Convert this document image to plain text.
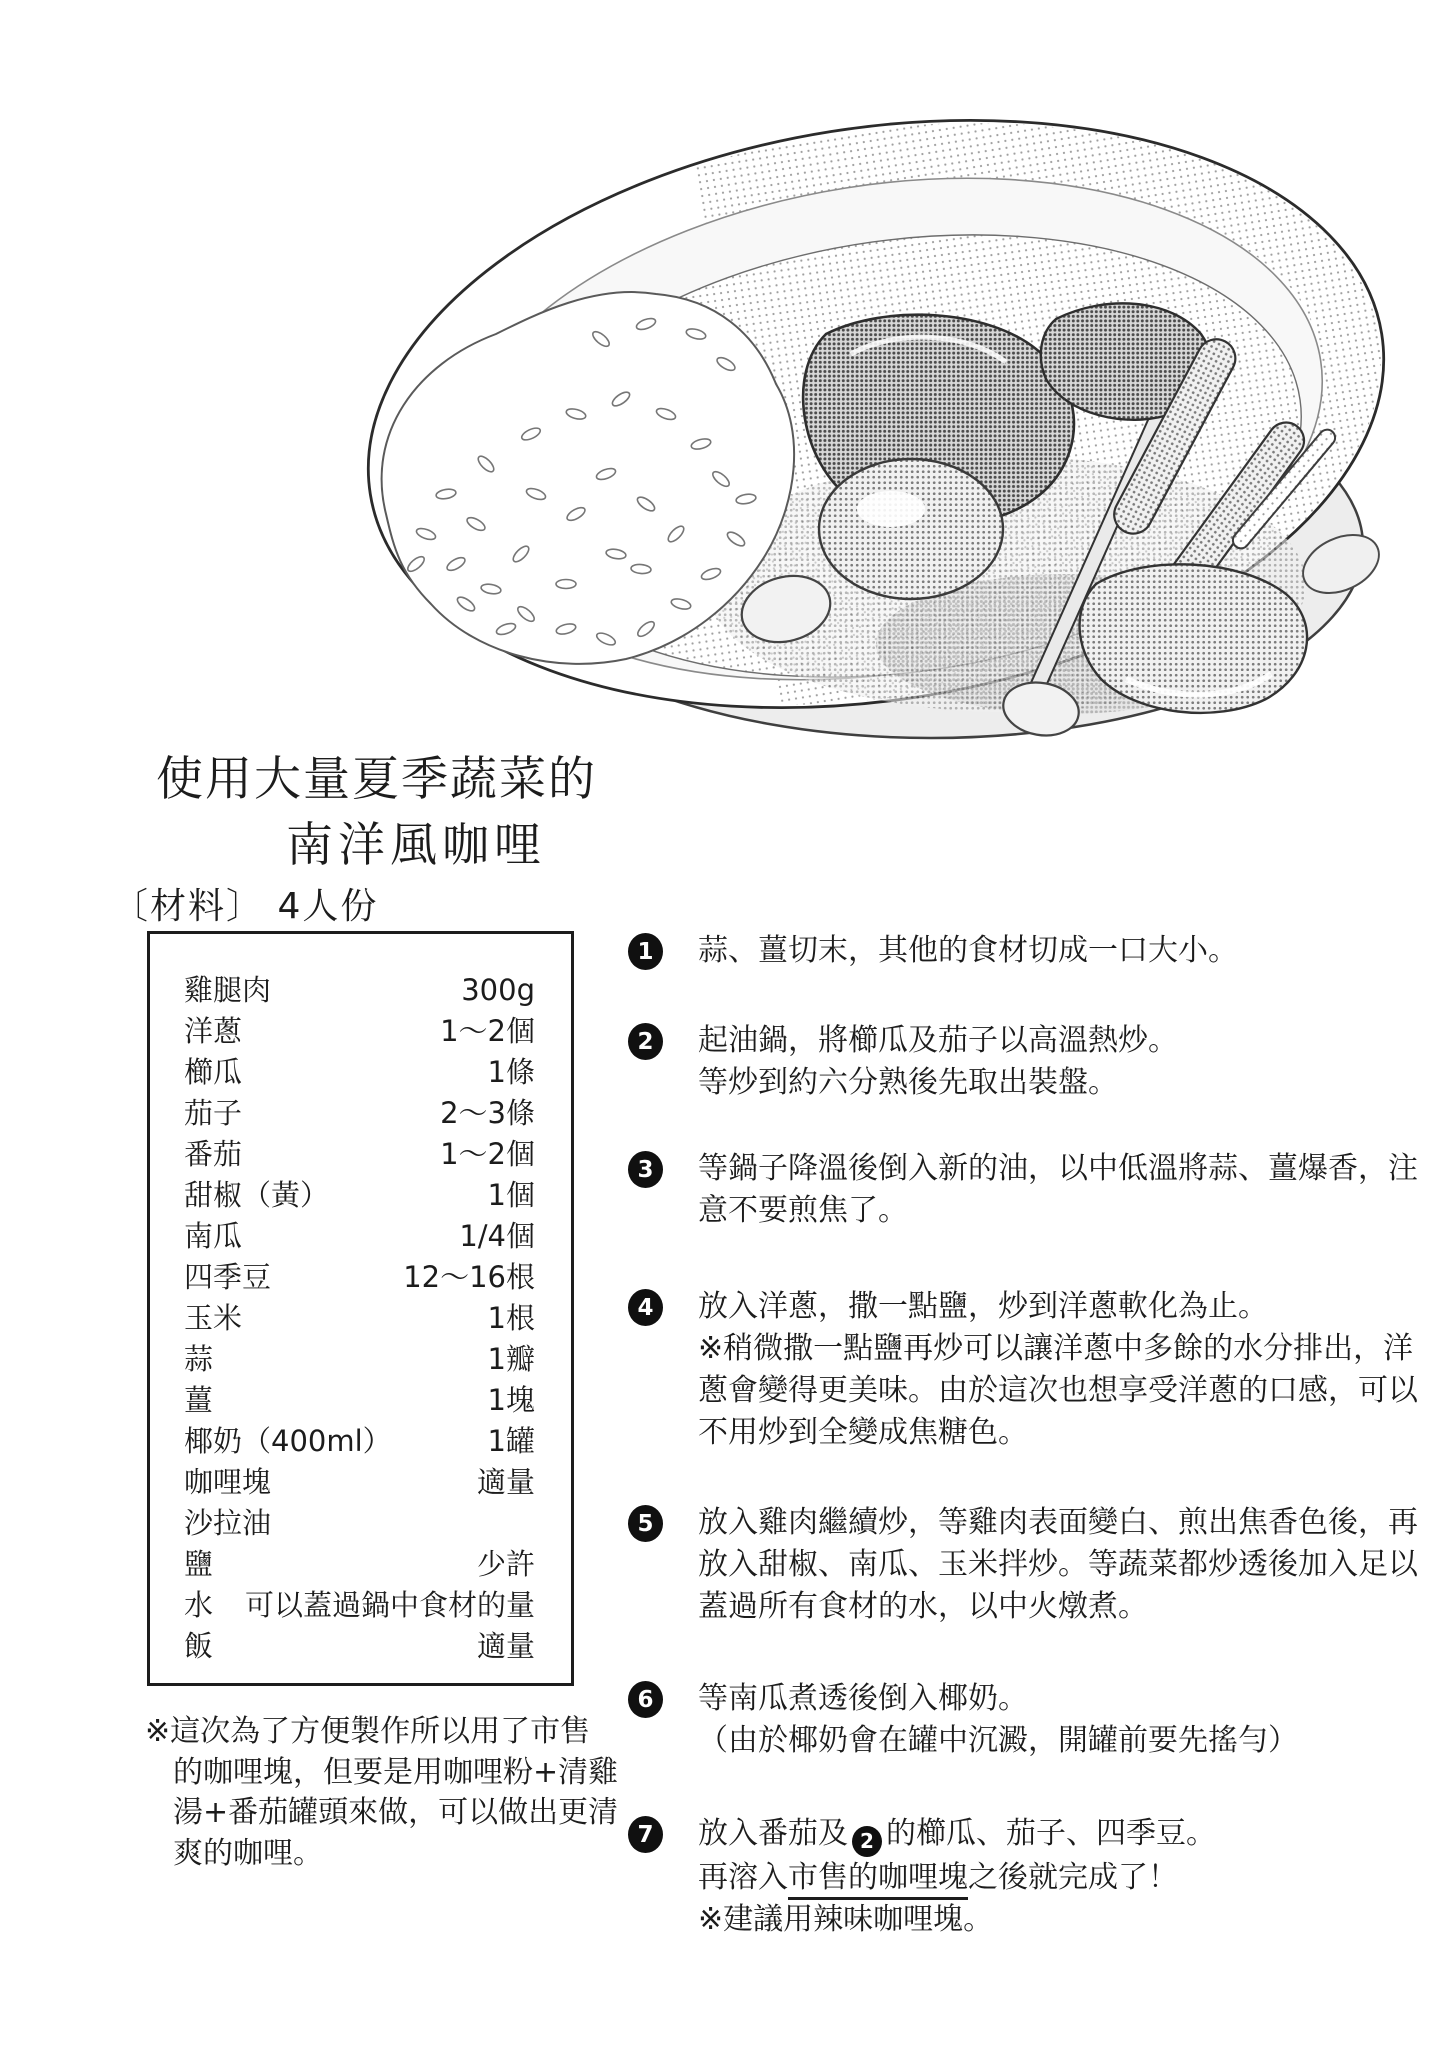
使用大量夏季蔬菜的
南洋風咖哩
〔材料〕 4人份
雞腿肉	300g
洋蔥	1～2個
櫛瓜	1條
茄子	2～3條
番茄	1～2個
甜椒（黃）	1個
南瓜	1/4個
四季豆	12～16根
玉米	1根
蒜	1瓣
薑	1塊
椰奶（400ml）	1罐
咖哩塊	適量
沙拉油
鹽	少許
水 可以蓋過鍋中食材的量
飯	適量
※這次為了方便製作所以用了市售
的咖哩塊，但要是用咖哩粉+清雞
湯+番茄罐頭來做，可以做出更清
爽的咖哩。
1	蒜、薑切末，其他的食材切成一口大小。
2	起油鍋，將櫛瓜及茄子以高溫熱炒。
等炒到約六分熟後先取出裝盤。
3	等鍋子降溫後倒入新的油，以中低溫將蒜、薑爆香，注
意不要煎焦了。
4	放入洋蔥，撒一點鹽，炒到洋蔥軟化為止。
※稍微撒一點鹽再炒可以讓洋蔥中多餘的水分排出，洋
蔥會變得更美味。由於這次也想享受洋蔥的口感，可以
不用炒到全變成焦糖色。
5	放入雞肉繼續炒，等雞肉表面變白、煎出焦香色後，再
放入甜椒、南瓜、玉米拌炒。等蔬菜都炒透後加入足以
蓋過所有食材的水，以中火燉煮。
6	等南瓜煮透後倒入椰奶。
（由於椰奶會在罐中沉澱，開罐前要先搖勻）
7	放入番茄及 2 的櫛瓜、茄子、四季豆。
再溶入市售的咖哩塊之後就完成了！
※建議用辣味咖哩塊。
